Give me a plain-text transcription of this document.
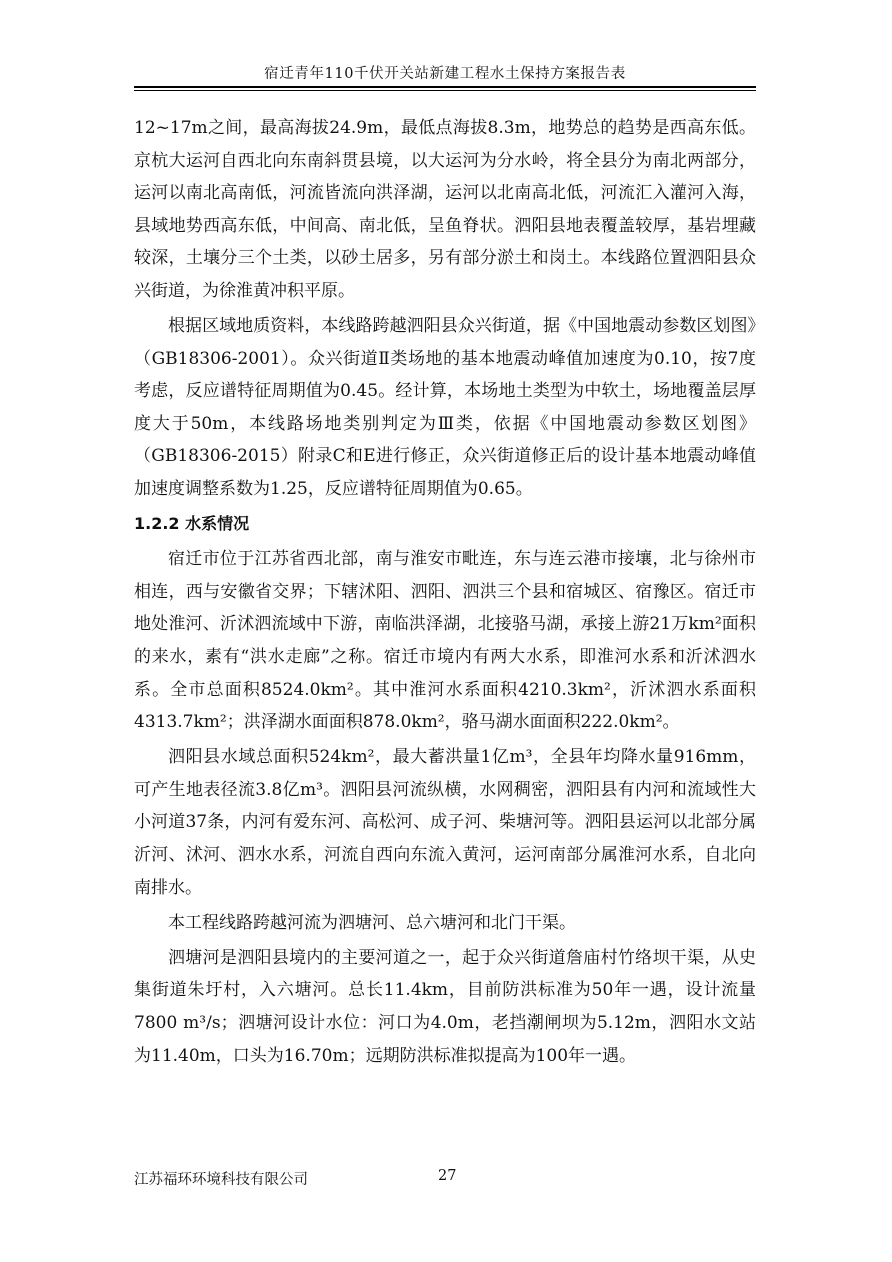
宿迁青年110千伏开关站新建工程水土保持方案报告表

12~17m之间，最高海拔24.9m，最低点海拔8.3m，地势总的趋势是西高东低。京杭大运河自西北向东南斜贯县境，以大运河为分水岭，将全县分为南北两部分，运河以南北高南低，河流皆流向洪泽湖，运河以北南高北低，河流汇入灌河入海，县域地势西高东低，中间高、南北低，呈鱼脊状。泗阳县地表覆盖较厚，基岩埋藏较深，土壤分三个土类，以砂土居多，另有部分淤土和岗土。本线路位置泗阳县众兴街道，为徐淮黄冲积平原。

根据区域地质资料，本线路跨越泗阳县众兴街道，据《中国地震动参数区划图》（GB18306-2001）。众兴街道Ⅱ类场地的基本地震动峰值加速度为0.10，按7度考虑，反应谱特征周期值为0.45。经计算，本场地土类型为中软土，场地覆盖层厚度大于50m，本线路场地类别判定为Ⅲ类，依据《中国地震动参数区划图》（GB18306-2015）附录C和E进行修正，众兴街道修正后的设计基本地震动峰值加速度调整系数为1.25，反应谱特征周期值为0.65。

1.2.2 水系情况

宿迁市位于江苏省西北部，南与淮安市毗连，东与连云港市接壤，北与徐州市相连，西与安徽省交界；下辖沭阳、泗阳、泗洪三个县和宿城区、宿豫区。宿迁市地处淮河、沂沭泗流域中下游，南临洪泽湖，北接骆马湖，承接上游21万km²面积的来水，素有“洪水走廊”之称。宿迁市境内有两大水系，即淮河水系和沂沭泗水系。全市总面积8524.0km²。其中淮河水系面积4210.3km²，沂沭泗水系面积4313.7km²；洪泽湖水面面积878.0km²，骆马湖水面面积222.0km²。

泗阳县水域总面积524km²，最大蓄洪量1亿m³，全县年均降水量916mm，可产生地表径流3.8亿m³。泗阳县河流纵横，水网稠密，泗阳县有内河和流域性大小河道37条，内河有爱东河、高松河、成子河、柴塘河等。泗阳县运河以北部分属沂河、沭河、泗水水系，河流自西向东流入黄河，运河南部分属淮河水系，自北向南排水。

本工程线路跨越河流为泗塘河、总六塘河和北门干渠。

泗塘河是泗阳县境内的主要河道之一，起于众兴街道詹庙村竹络坝干渠，从史集街道朱圩村，入六塘河。总长11.4km，目前防洪标准为50年一遇，设计流量7800 m³/s；泗塘河设计水位：河口为4.0m，老挡潮闸坝为5.12m，泗阳水文站为11.40m，口头为16.70m；远期防洪标准拟提高为100年一遇。

江苏福环环境科技有限公司	27
